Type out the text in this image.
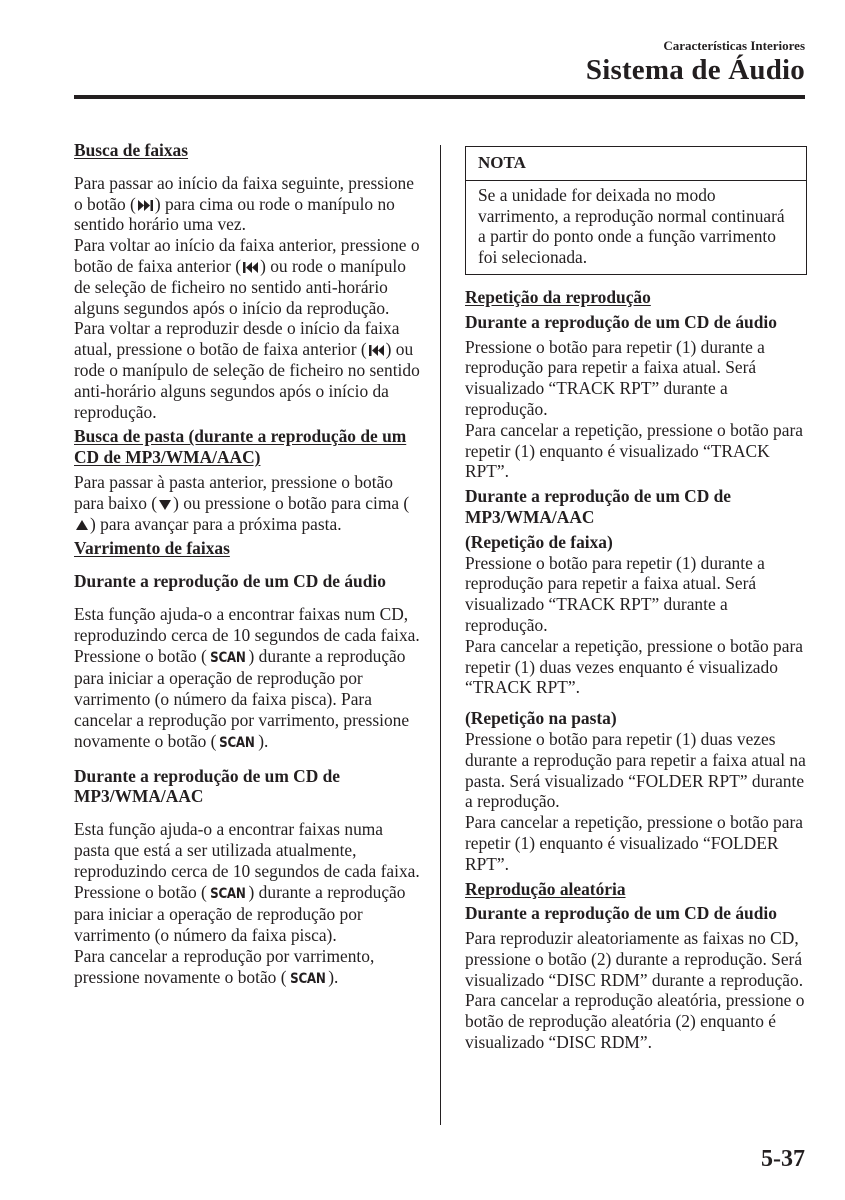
Características Interiores
Sistema de Áudio

Busca de faixas

Para passar ao início da faixa seguinte, pressione o botão ( ) para cima ou rode o manípulo no sentido horário uma vez.

Para voltar ao início da faixa anterior, pressione o botão de faixa anterior ( ) ou rode o manípulo de seleção de ficheiro no sentido anti-horário alguns segundos após o início da reprodução.

Para voltar a reproduzir desde o início da faixa atual, pressione o botão de faixa anterior ( ) ou rode o manípulo de seleção de ficheiro no sentido anti-horário alguns segundos após o início da reprodução.

Busca de pasta (durante a reprodução de um CD de MP3/WMA/AAC)

Para passar à pasta anterior, pressione o botão para baixo ( ) ou pressione o botão para cima () para avançar para a próxima pasta.

Varrimento de faixas

Durante a reprodução de um CD de áudio

Esta função ajuda-o a encontrar faixas num CD, reproduzindo cerca de 10 segundos de cada faixa.

Pressione o botão ( SCAN ) durante a reprodução para iniciar a operação de reprodução por varrimento (o número da faixa pisca). Para cancelar a reprodução por varrimento, pressione novamente o botão ( SCAN ).

Durante a reprodução de um CD de MP3/WMA/AAC

Esta função ajuda-o a encontrar faixas numa pasta que está a ser utilizada atualmente, reproduzindo cerca de 10 segundos de cada faixa. Pressione o botão ( SCAN ) durante a reprodução para iniciar a operação de reprodução por varrimento (o número da faixa pisca).

Para cancelar a reprodução por varrimento, pressione novamente o botão ( SCAN ).

NOTA
Se a unidade for deixada no modo varrimento, a reprodução normal continuará a partir do ponto onde a função varrimento foi selecionada.

Repetição da reprodução

Durante a reprodução de um CD de áudio

Pressione o botão para repetir (1) durante a reprodução para repetir a faixa atual. Será visualizado “TRACK RPT” durante a reprodução.

Para cancelar a repetição, pressione o botão para repetir (1) enquanto é visualizado “TRACK RPT”.

Durante a reprodução de um CD de MP3/WMA/AAC

(Repetição de faixa)

Pressione o botão para repetir (1) durante a reprodução para repetir a faixa atual. Será visualizado “TRACK RPT” durante a reprodução.

Para cancelar a repetição, pressione o botão para repetir (1) duas vezes enquanto é visualizado “TRACK RPT”.

(Repetição na pasta)

Pressione o botão para repetir (1) duas vezes durante a reprodução para repetir a faixa atual na pasta. Será visualizado “FOLDER RPT” durante a reprodução.

Para cancelar a repetição, pressione o botão para repetir (1) enquanto é visualizado “FOLDER RPT”.

Reprodução aleatória

Durante a reprodução de um CD de áudio

Para reproduzir aleatoriamente as faixas no CD, pressione o botão (2) durante a reprodução. Será visualizado “DISC RDM” durante a reprodução.

Para cancelar a reprodução aleatória, pressione o botão de reprodução aleatória (2) enquanto é visualizado “DISC RDM”.

5-37
